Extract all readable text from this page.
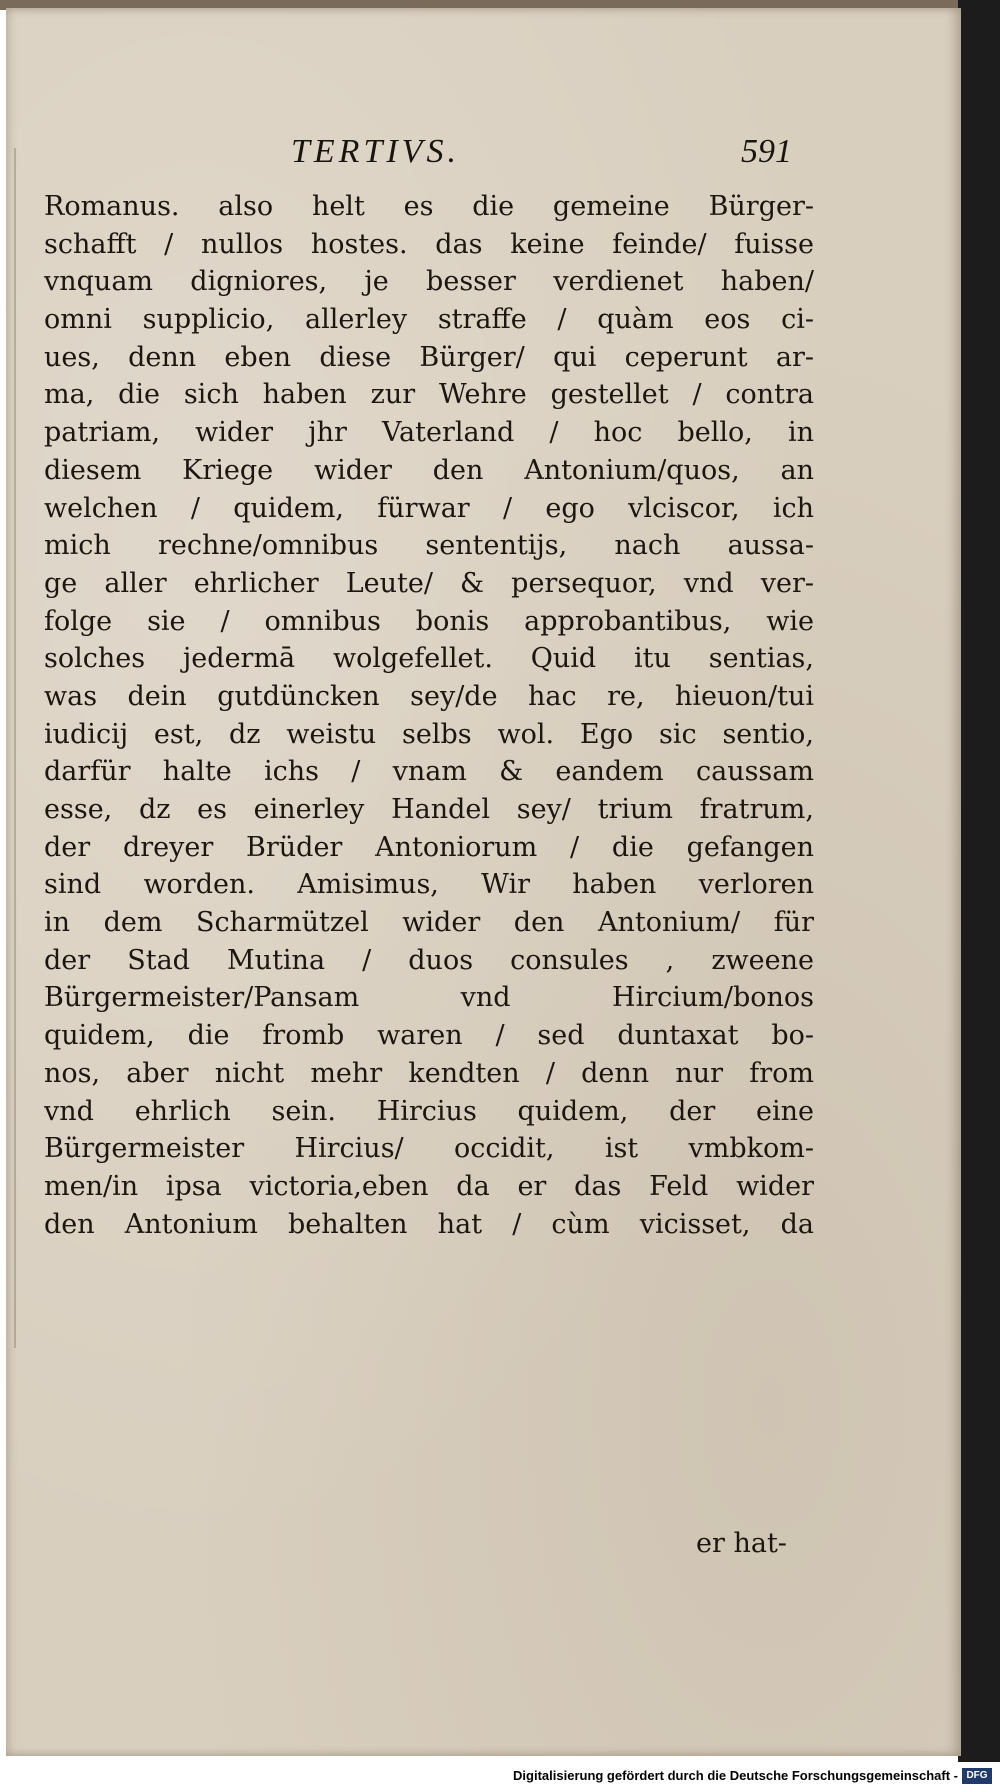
TERTIVS.	591
Romanus. also helt es die gemeine Bürger-
schafft / nullos hostes. das keine feinde/ fuisse
vnquam digniores, je besser verdienet haben/
omni supplicio, allerley straffe / quàm eos ci-
ues, denn eben diese Bürger/ qui ceperunt ar-
ma, die sich haben zur Wehre gestellet / contra
patriam, wider jhr Vaterland / hoc bello, in
diesem Kriege wider den Antonium/quos, an
welchen / quidem, fürwar / ego vlciscor, ich
mich rechne/omnibus sententijs, nach aussa-
ge aller ehrlicher Leute/ & persequor, vnd ver-
folge sie / omnibus bonis approbantibus, wie
solches jedermā wolgefellet. Quid itu sentias,
was dein gutdüncken sey/de hac re, hieuon/tui
iudicij est, dz weistu selbs wol. Ego sic sentio,
darfür halte ichs / vnam & eandem caussam
esse, dz es einerley Handel sey/ trium fratrum,
der dreyer Brüder Antoniorum / die gefangen
sind worden. Amisimus, Wir haben verloren
in dem Scharmützel wider den Antonium/ für
der Stad Mutina / duos consules , zweene
Bürgermeister/Pansam vnd Hircium/bonos
quidem, die fromb waren / sed duntaxat bo-
nos, aber nicht mehr kendten / denn nur from
vnd ehrlich sein. Hircius quidem, der eine
Bürgermeister Hircius/ occidit, ist vmbkom-
men/in ipsa victoria,eben da er das Feld wider
den Antonium behalten hat / cùm vicisset, da
er hat-
Digitalisierung gefördert durch die Deutsche Forschungsgemeinschaft - DFG
